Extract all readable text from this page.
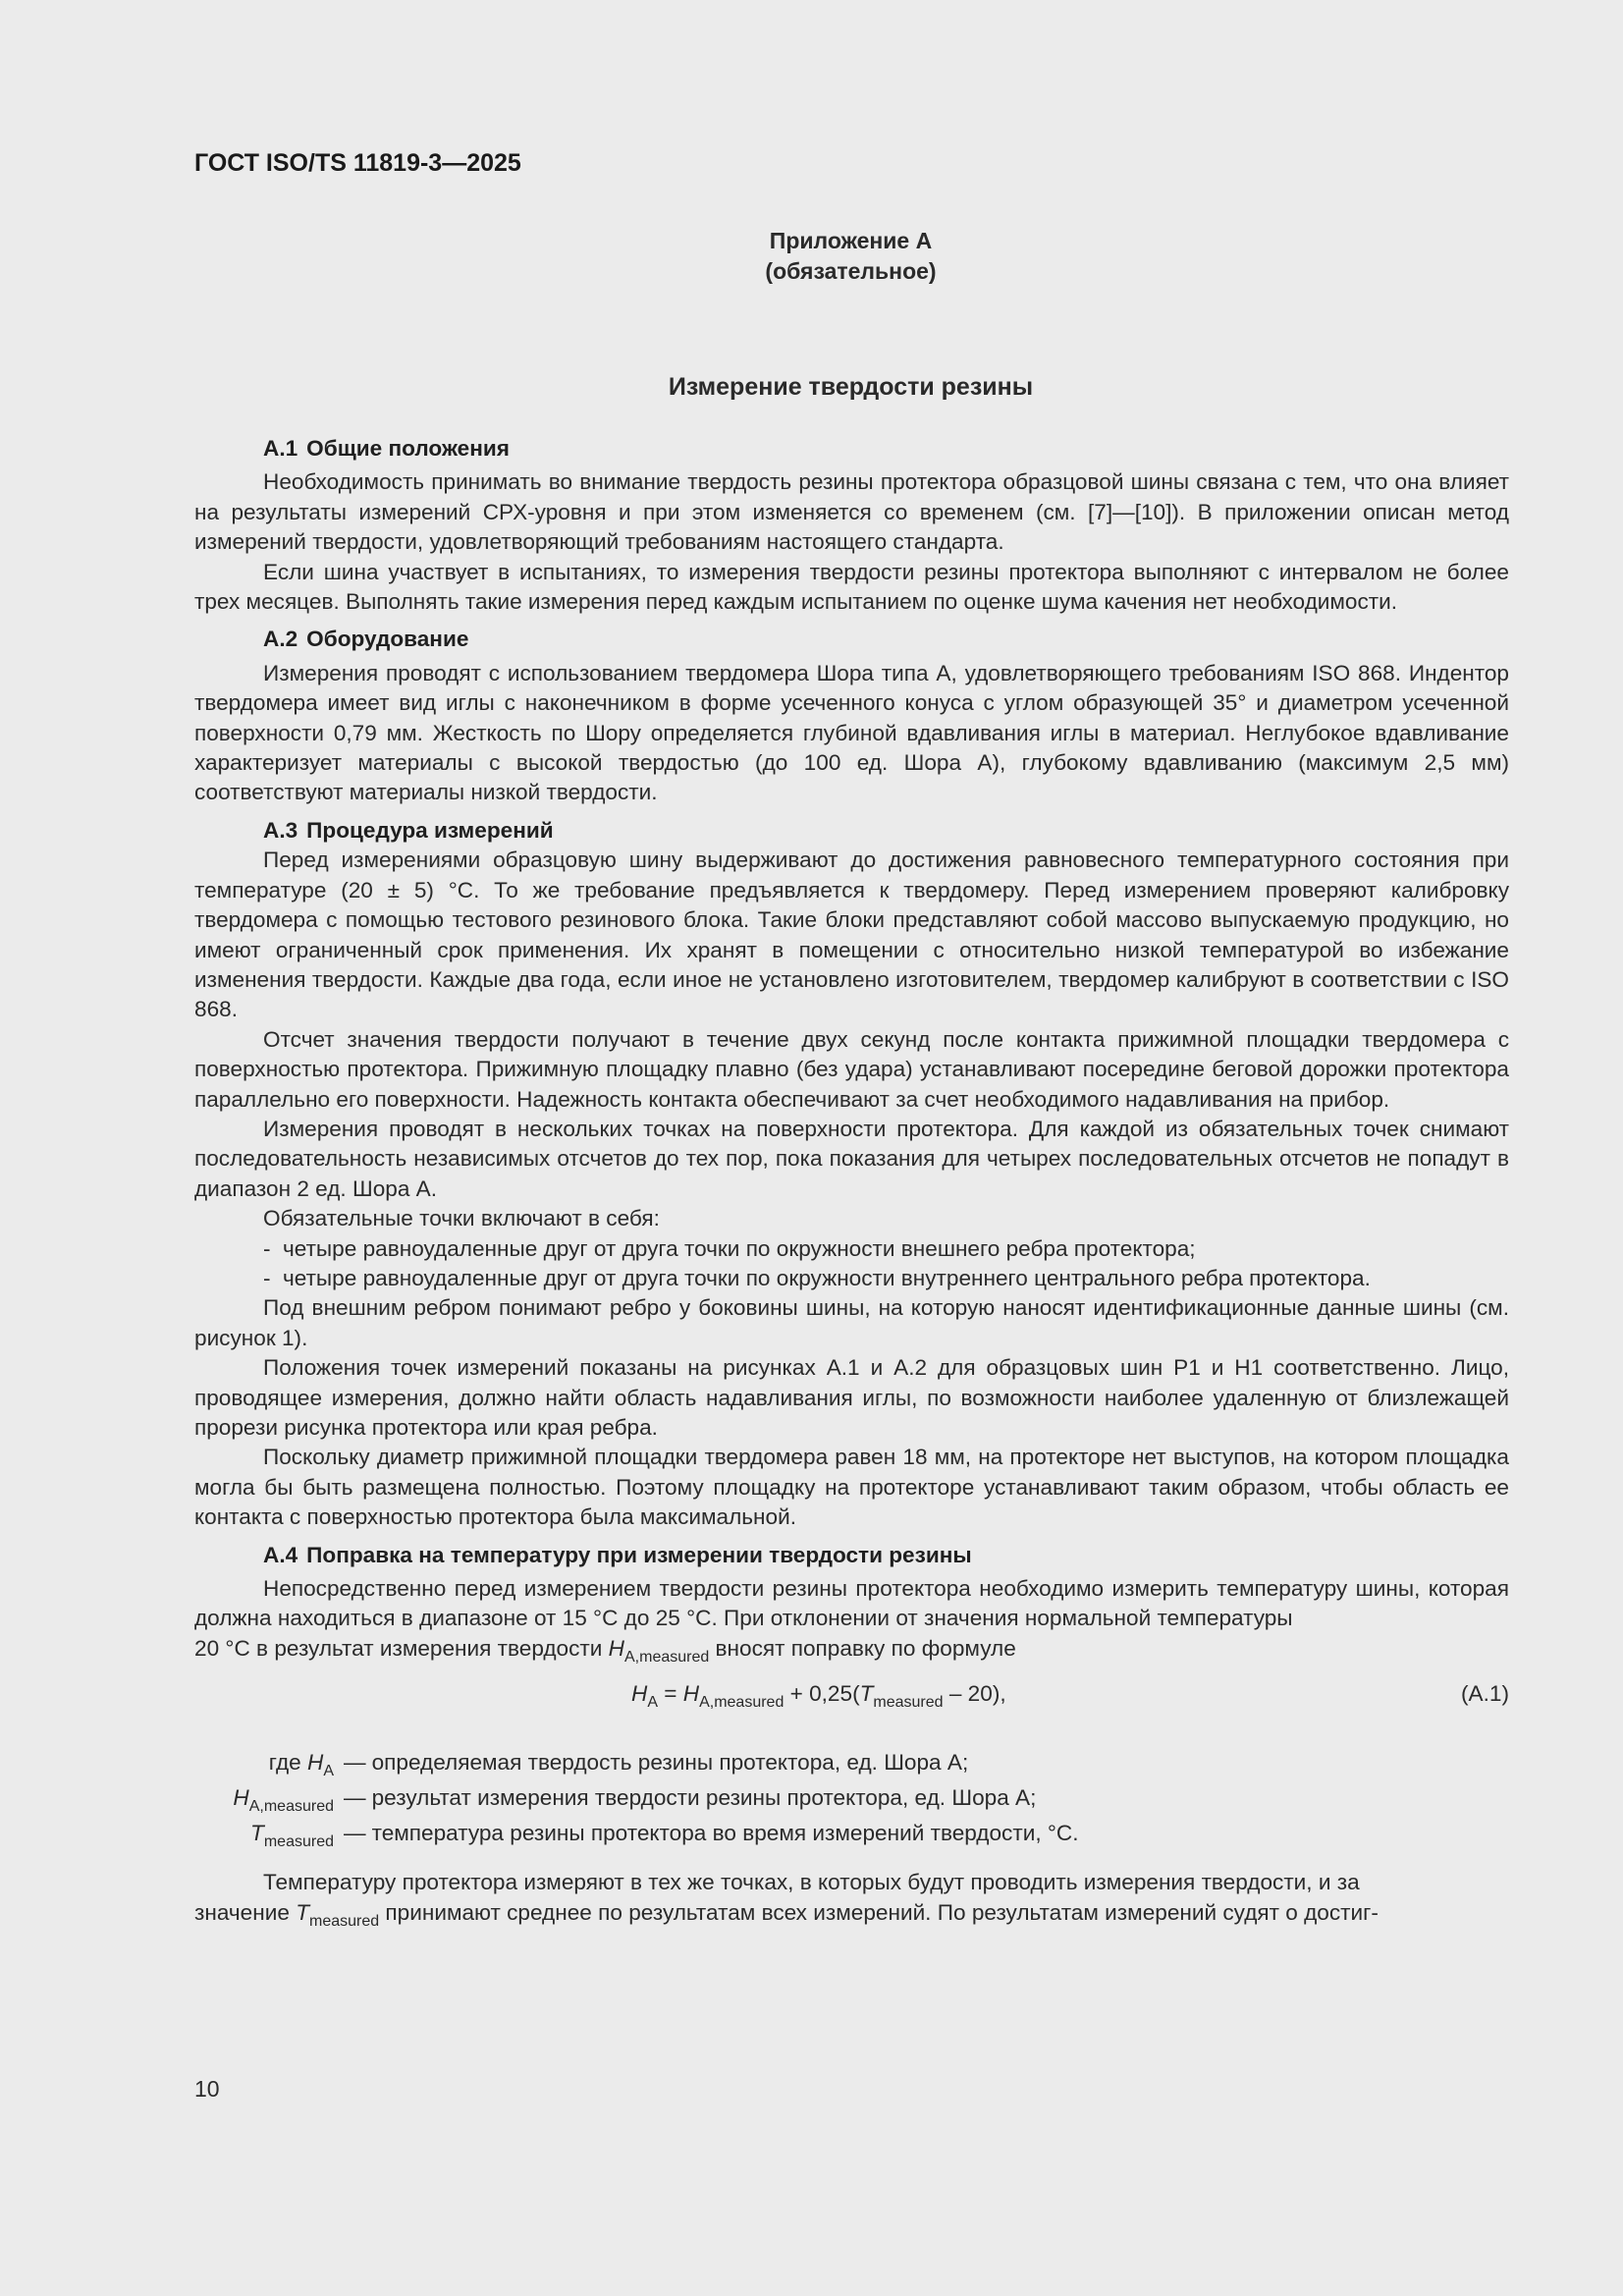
ГОСТ ISO/TS 11819-3—2025
Приложение А
(обязательное)
Измерение твердости резины
А.1 Общие положения

Необходимость принимать во внимание твердость резины протектора образцовой шины связана с тем, что она влияет на результаты измерений СРХ-уровня и при этом изменяется со временем (см. [7]—[10]). В приложении описан метод измерений твердости, удовлетворяющий требованиям настоящего стандарта.

Если шина участвует в испытаниях, то измерения твердости резины протектора выполняют с интервалом не более трех месяцев. Выполнять такие измерения перед каждым испытанием по оценке шума качения нет необходимости.

А.2 Оборудование

Измерения проводят с использованием твердомера Шора типа А, удовлетворяющего требованиям ISO 868. Индентор твердомера имеет вид иглы с наконечником в форме усеченного конуса с углом образующей 35° и диаметром усеченной поверхности 0,79 мм. Жесткость по Шору определяется глубиной вдавливания иглы в материал. Неглубокое вдавливание характеризует материалы с высокой твердостью (до 100 ед. Шора А), глубокому вдавливанию (максимум 2,5 мм) соответствуют материалы низкой твердости.

А.3 Процедура измерений

Перед измерениями образцовую шину выдерживают до достижения равновесного температурного состояния при температуре (20 ± 5) °С. То же требование предъявляется к твердомеру. Перед измерением проверяют калибровку твердомера с помощью тестового резинового блока. Такие блоки представляют собой массово выпускаемую продукцию, но имеют ограниченный срок применения. Их хранят в помещении с относительно низкой температурой во избежание изменения твердости. Каждые два года, если иное не установлено изготовителем, твердомер калибруют в соответствии с ISO 868.

Отсчет значения твердости получают в течение двух секунд после контакта прижимной площадки твердомера с поверхностью протектора. Прижимную площадку плавно (без удара) устанавливают посередине беговой дорожки протектора параллельно его поверхности. Надежность контакта обеспечивают за счет необходимого надавливания на прибор.

Измерения проводят в нескольких точках на поверхности протектора. Для каждой из обязательных точек снимают последовательность независимых отсчетов до тех пор, пока показания для четырех последовательных отсчетов не попадут в диапазон 2 ед. Шора А.

Обязательные точки включают в себя:

- четыре равноудаленные друг от друга точки по окружности внешнего ребра протектора;
- четыре равноудаленные друг от друга точки по окружности внутреннего центрального ребра протектора.

Под внешним ребром понимают ребро у боковины шины, на которую наносят идентификационные данные шины (см. рисунок 1).

Положения точек измерений показаны на рисунках А.1 и А.2 для образцовых шин P1 и H1 соответственно. Лицо, проводящее измерения, должно найти область надавливания иглы, по возможности наиболее удаленную от близлежащей прорези рисунка протектора или края ребра.

Поскольку диаметр прижимной площадки твердомера равен 18 мм, на протекторе нет выступов, на котором площадка могла бы быть размещена полностью. Поэтому площадку на протекторе устанавливают таким образом, чтобы область ее контакта с поверхностью протектора была максимальной.

А.4 Поправка на температуру при измерении твердости резины

Непосредственно перед измерением твердости резины протектора необходимо измерить температуру шины, которая должна находиться в диапазоне от 15 °С до 25 °С. При отклонении от значения нормальной температуры

20 °С в результат измерения твердости $H_{A,measured}$ вносят поправку по формуле
$H_A = H_{A,measured} + 0,25(T_{measured} - 20)$,	(А.1)
где $H_A$ — определяемая твердость резины протектора, ед. Шора А;
$H_{A,measured}$ — результат измерения твердости резины протектора, ед. Шора А;
$T_{measured}$ — температура резины протектора во время измерений твердости, °С.

Температуру протектора измеряют в тех же точках, в которых будут проводить измерения твердости, и за

значение $T_{measured}$ принимают среднее по результатам всех измерений. По результатам измерений судят о достиг-
10
